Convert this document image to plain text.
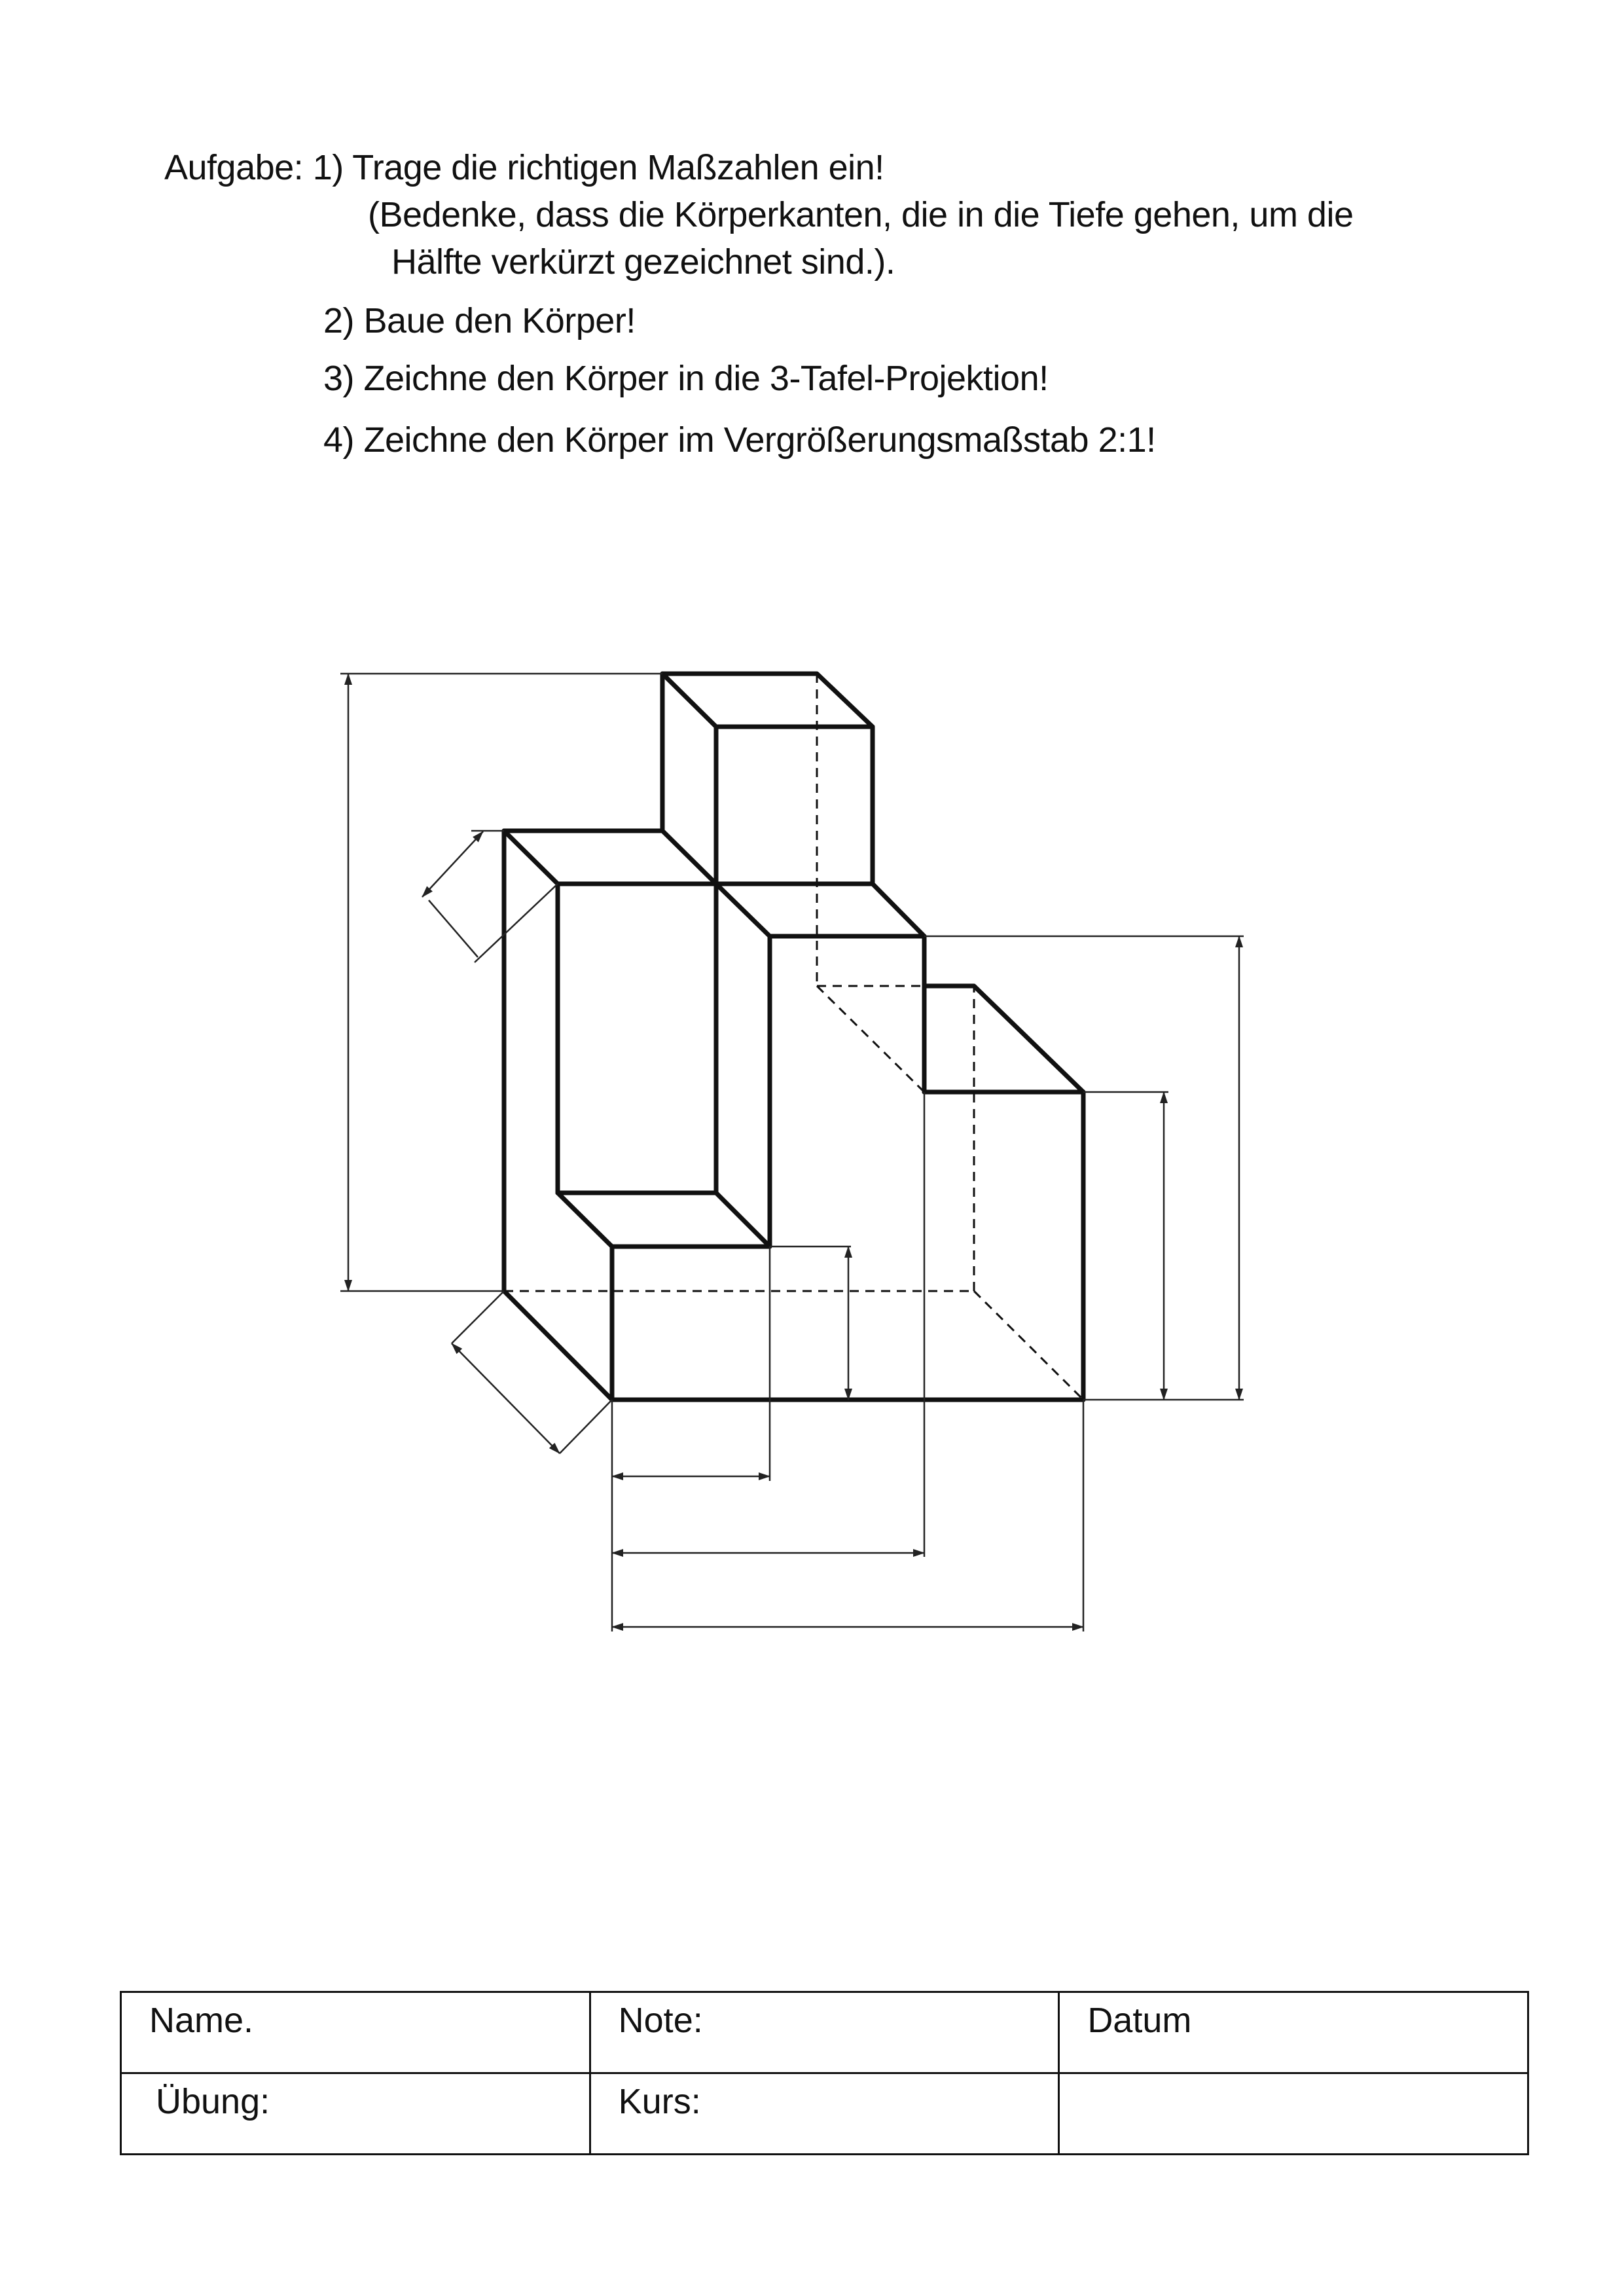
Aufgabe: 1) Trage die richtigen Maßzahlen ein!
(Bedenke, dass die Körperkanten, die in die Tiefe gehen, um die
Hälfte verkürzt gezeichnet sind.).
2) Baue den Körper!
3) Zeichne den Körper in die 3-Tafel-Projektion!
4) Zeichne den Körper im Vergrößerungsmaßstab 2:1!
Name.	Note:	Datum

Übung:	Kurs:	
